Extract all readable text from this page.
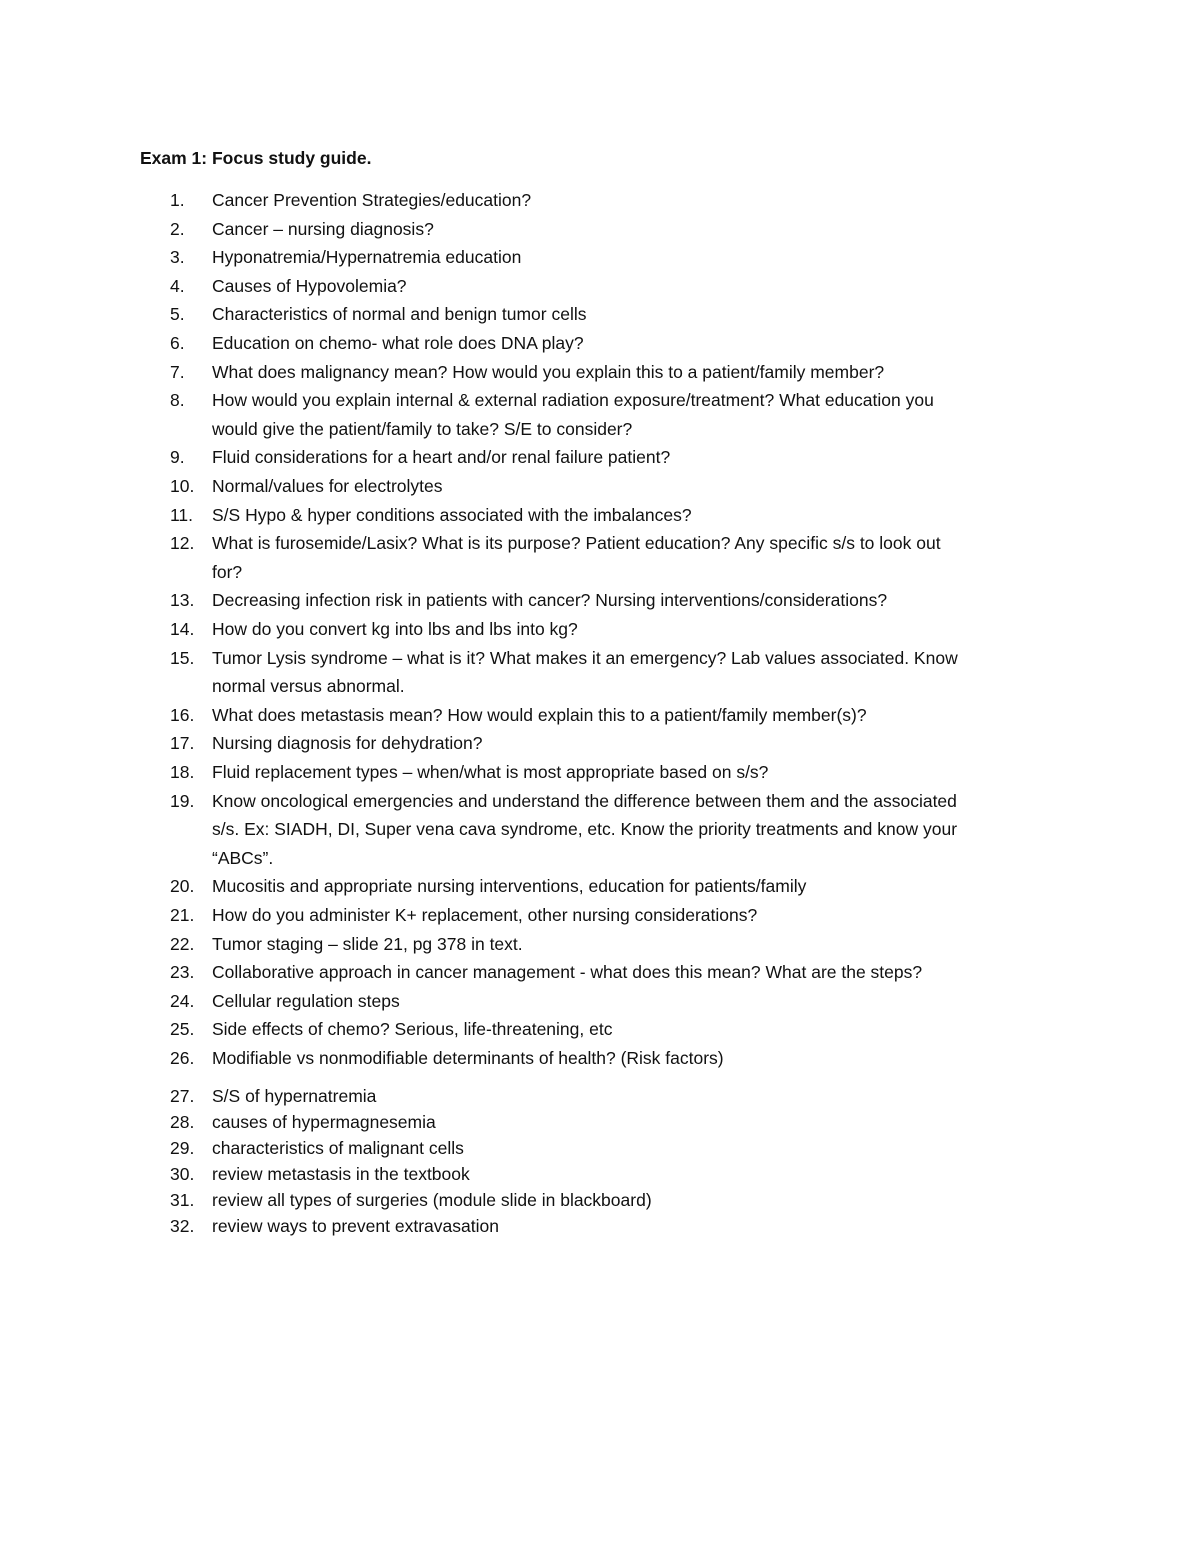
Exam 1: Focus study guide.
1.	Cancer Prevention Strategies/education?
2.	Cancer – nursing diagnosis?
3.	Hyponatremia/Hypernatremia education
4.	Causes of Hypovolemia?
5.	Characteristics of normal and benign tumor cells
6.	Education on chemo- what role does DNA play?
7.	What does malignancy mean? How would you explain this to a patient/family member?
8.	How would you explain internal & external radiation exposure/treatment? What education you
would give the patient/family to take? S/E to consider?
9.	Fluid considerations for a heart and/or renal failure patient?
10.	Normal/values for electrolytes
11.	S/S Hypo & hyper conditions associated with the imbalances?
12.	What is furosemide/Lasix? What is its purpose? Patient education? Any specific s/s to look out
for?
13.	Decreasing infection risk in patients with cancer? Nursing interventions/considerations?
14.	How do you convert kg into lbs and lbs into kg?
15.	Tumor Lysis syndrome – what is it? What makes it an emergency? Lab values associated. Know
normal versus abnormal.
16.	What does metastasis mean? How would explain this to a patient/family member(s)?
17.	Nursing diagnosis for dehydration?
18.	Fluid replacement types – when/what is most appropriate based on s/s?
19.	Know oncological emergencies and understand the difference between them and the associated
s/s. Ex: SIADH, DI, Super vena cava syndrome, etc. Know the priority treatments and know your
“ABCs”.
20.	Mucositis and appropriate nursing interventions, education for patients/family
21.	How do you administer K+ replacement, other nursing considerations?
22.	Tumor staging – slide 21, pg 378 in text.
23.	Collaborative approach in cancer management - what does this mean? What are the steps?
24.	Cellular regulation steps
25.	Side effects of chemo? Serious, life-threatening, etc
26.	Modifiable vs nonmodifiable determinants of health? (Risk factors)
27.	S/S of hypernatremia
28.	causes of hypermagnesemia
29.	characteristics of malignant cells
30.	review metastasis in the textbook
31.	review all types of surgeries (module slide in blackboard)
32.	review ways to prevent extravasation
